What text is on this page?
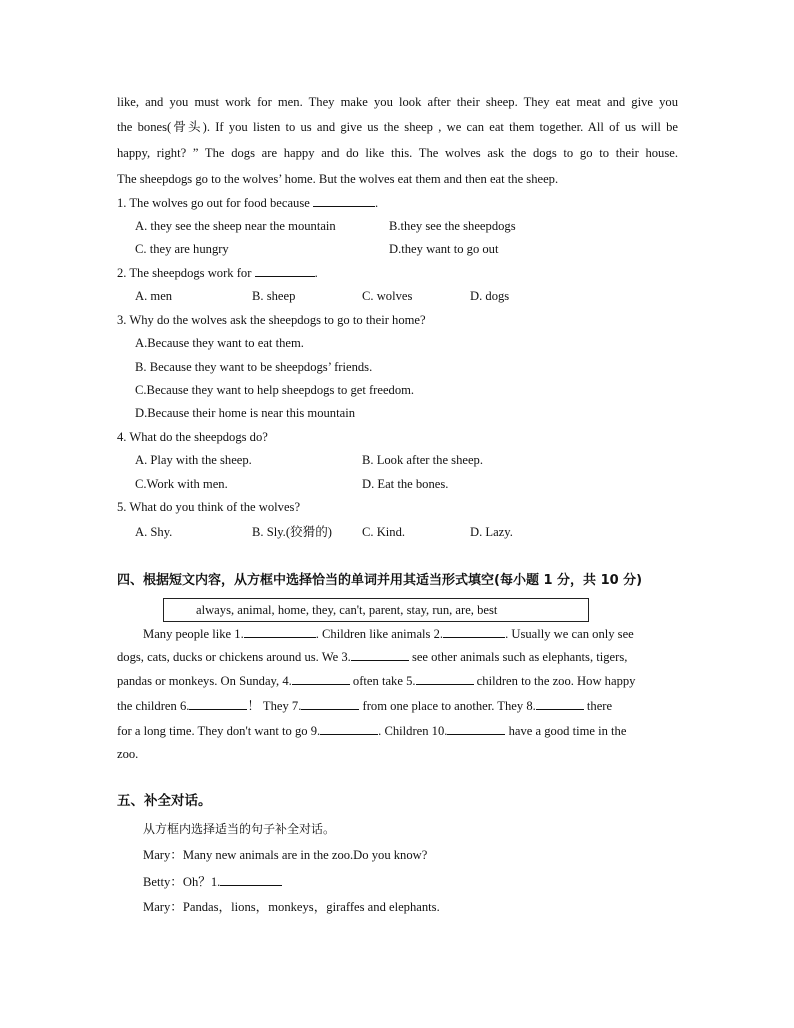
like, and you must work for men. They make you look after their sheep. They eat meat and give you
the bones(骨头). If you listen to us and give us the sheep , we can eat them together. All of us will be
happy, right? ” The dogs are happy and do like this. The wolves ask the dogs to go to their house.
The sheepdogs go to the wolves’ home. But the wolves eat them and then eat the sheep.
1. The wolves go out for food because	.
A. they see the sheep near the mountain	B.they see the sheepdogs
C. they are hungry	D.they want to go out
2. The sheepdogs work for	.
A. men	B. sheep	C. wolves	D. dogs
3. Why do the wolves ask the sheepdogs to go to their home?
A.Because they want to eat them.
B. Because they want to be sheepdogs’ friends.
C.Because they want to help sheepdogs to get freedom.
D.Because their home is near this mountain
4. What do the sheepdogs do?
A. Play with the sheep.	B. Look after the sheep.
C.Work with men.	D. Eat the bones.
5. What do you think of the wolves?
A. Shy.	B. Sly.(狡猾的) C. Kind.	D. Lazy.
四、根据短文内容，从方框中选择恰当的单词并用其适当形式填空(每小题 1 分，共 10 分)
always, animal, home, they, can't, parent, stay, run, are, best
Many people like 1.	. Children like animals 2.	. Usually we can only see
dogs, cats, ducks or chickens around us. We 3.	see other animals such as elephants, tigers,
pandas or monkeys. On Sunday, 4.	often take 5.	children to the zoo. How happy
the children 6.	！ They 7.	from one place to another. They 8.	there
for a long time. They don't want to go 9.	. Children 10.	have a good time in the
zoo.
五、补全对话。
从方框内选择适当的句子补全对话。
Mary：Many new animals are in the zoo.Do you know?
Betty：Oh？1.
Mary：Pandas，lions，monkeys，giraffes and elephants.
